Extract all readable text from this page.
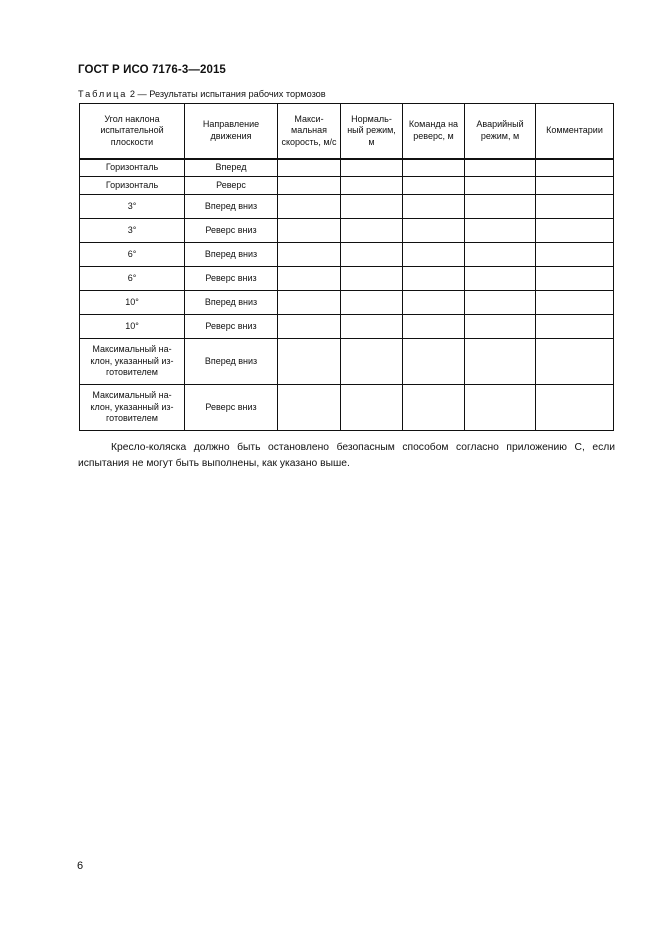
ГОСТ Р ИСО 7176-3—2015
Таблица 2 — Результаты испытания рабочих тормозов
Угол наклона испытательной плоскости	Направление движения	Макси-мальная скорость, м/с	Нормаль-ный режим, м	Команда на реверс, м	Аварийный режим, м	Комментарии
Горизонталь	Вперед					
Горизонталь	Реверс					
3°	Вперед вниз					
3°	Реверс вниз					
6°	Вперед вниз					
6°	Реверс вниз					
10°	Вперед вниз					
10°	Реверс вниз					
Максимальный на-клон, указанный из-готовителем	Вперед вниз					
Максимальный на-клон, указанный из-готовителем	Реверс вниз					

Кресло-коляска должно быть остановлено безопасным способом согласно приложению С, если испытания не могут быть выполнены, как указано выше.

6
